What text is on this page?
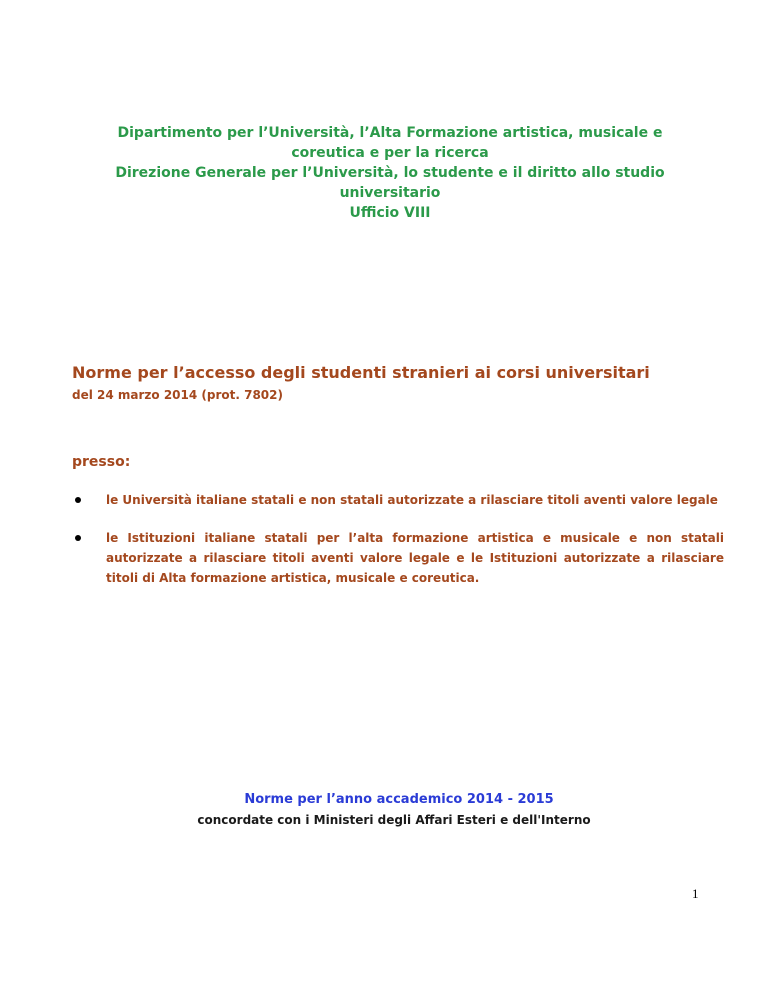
Dipartimento per l’Università, l’Alta Formazione artistica, musicale e
coreutica e per la ricerca
Direzione Generale per l’Università, lo studente e il diritto allo studio
universitario
Ufficio VIII
Norme per l’accesso degli studenti stranieri ai corsi universitari
del 24 marzo 2014 (prot. 7802)
presso:
le Università italiane statali e non statali autorizzate a rilasciare titoli aventi valore legale
le Istituzioni italiane statali per l’alta formazione artistica e musicale e non statali autorizzate a rilasciare titoli aventi valore legale e le Istituzioni autorizzate a rilasciare titoli di Alta formazione artistica, musicale e coreutica.
Norme per l’anno accademico 2014 - 2015
concordate con i Ministeri degli Affari Esteri e dell'Interno
1
